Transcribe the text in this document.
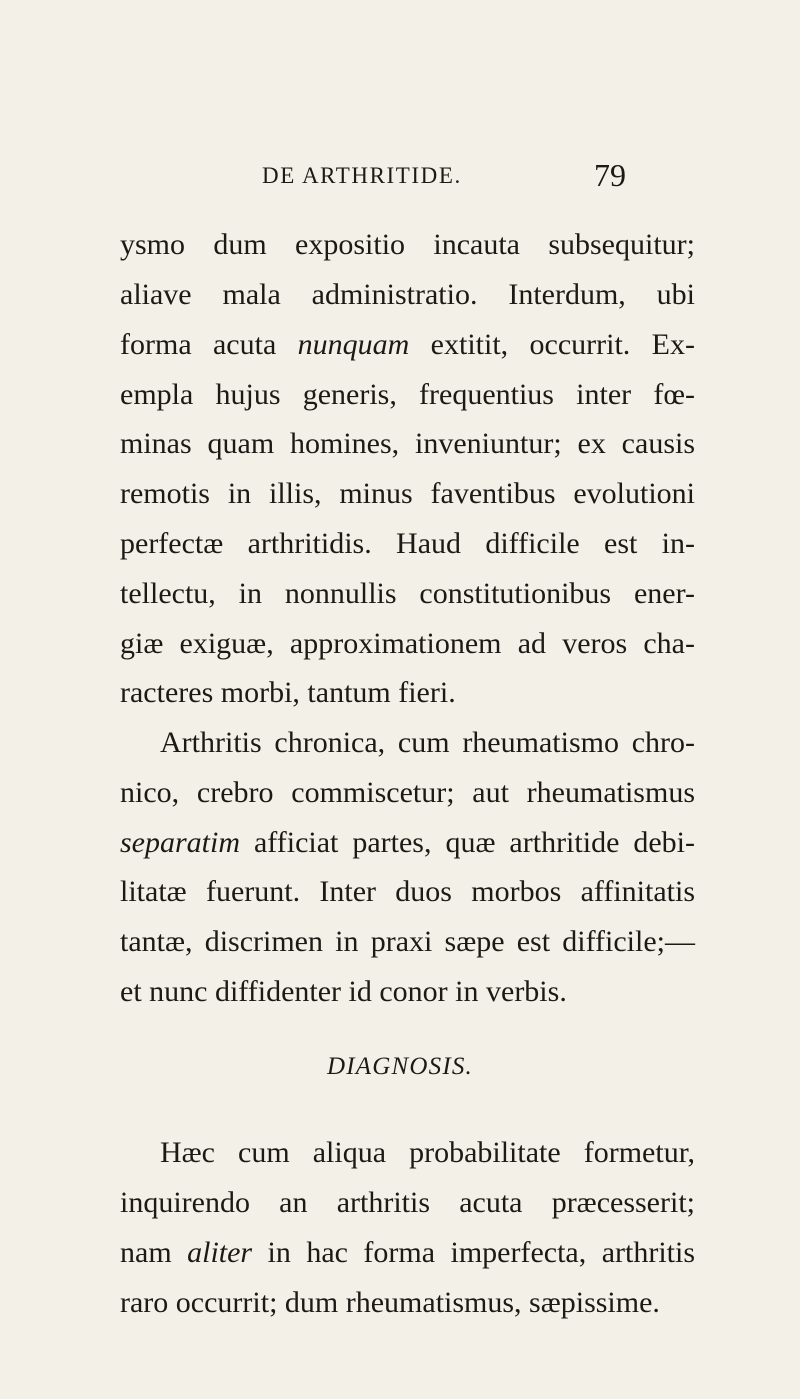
DE ARTHRITIDE.	79
ysmo dum expositio incauta subsequitur;
aliave mala administratio. Interdum, ubi
forma acuta nunquam extitit, occurrit. Ex-
empla hujus generis, frequentius inter fœ-
minas quam homines, inveniuntur; ex causis
remotis in illis, minus faventibus evolutioni
perfectæ arthritidis. Haud difficile est in-
tellectu, in nonnullis constitutionibus ener-
giæ exiguæ, approximationem ad veros cha-
racteres morbi, tantum fieri.
Arthritis chronica, cum rheumatismo chro-
nico, crebro commiscetur; aut rheumatismus
separatim afficiat partes, quæ arthritide debi-
litatæ fuerunt. Inter duos morbos affinitatis
tantæ, discrimen in praxi sæpe est difficile;—
et nunc diffidenter id conor in verbis.
DIAGNOSIS.
Hæc cum aliqua probabilitate formetur,
inquirendo an arthritis acuta præcesserit;
nam aliter in hac forma imperfecta, arthritis
raro occurrit; dum rheumatismus, sæpissime.
